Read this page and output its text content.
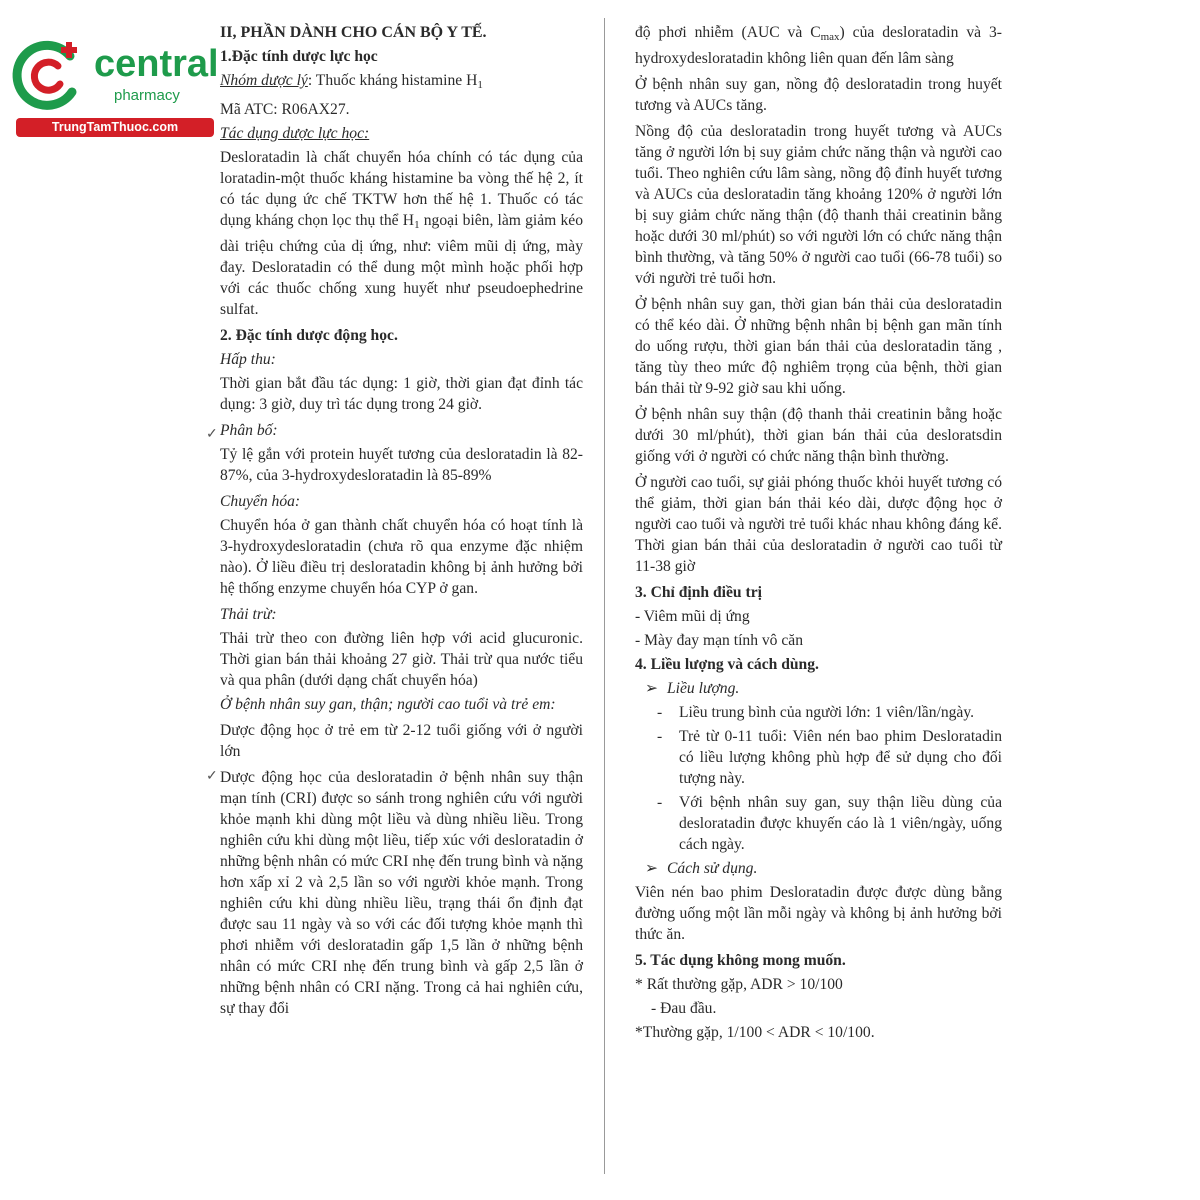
central
pharmacy
TrungTamThuoc.com

II, PHẦN DÀNH CHO CÁN BỘ Y TẾ.

1.Đặc tính dược lực học

Nhóm dược lý: Thuốc kháng histamine $H_1$

Mã ATC: R06AX27.

Tác dụng dược lực học:

Desloratadin là chất chuyển hóa chính có tác dụng của loratadin-một thuốc kháng histamine ba vòng thế hệ 2, ít có tác dụng ức chế TKTW hơn thế hệ 1. Thuốc có tác dụng kháng chọn lọc thụ thể $H_1$ ngoại biên, làm giảm kéo dài triệu chứng của dị ứng, như: viêm mũi dị ứng, mày đay. Desloratadin có thể dung một mình hoặc phối hợp với các thuốc chống xung huyết như pseudoephedrine sulfat.

2. Đặc tính dược động học.

Hấp thu:

Thời gian bắt đầu tác dụng: 1 giờ, thời gian đạt đỉnh tác dụng: 3 giờ, duy trì tác dụng trong 24 giờ.

Phân bố:

Tỷ lệ gắn với protein huyết tương của desloratadin là 82-87%, của 3-hydroxydesloratadin là 85-89%

Chuyển hóa:

Chuyển hóa ở gan thành chất chuyển hóa có hoạt tính là 3-hydroxydesloratadin (chưa rõ qua enzyme đặc nhiệm nào). Ở liều điều trị desloratadin không bị ảnh hưởng bởi hệ thống enzyme chuyển hóa CYP ở gan.

Thải trừ:

Thải trừ theo con đường liên hợp với acid glucuronic. Thời gian bán thải khoảng 27 giờ. Thải trừ qua nước tiểu và qua phân (dưới dạng chất chuyển hóa)

Ở bệnh nhân suy gan, thận; người cao tuổi và trẻ em:

Dược động học ở trẻ em từ 2-12 tuổi giống với ở người lớn

Dược động học của desloratadin ở bệnh nhân suy thận mạn tính (CRI) được so sánh trong nghiên cứu với người khỏe mạnh khi dùng một liều và dùng nhiều liều. Trong nghiên cứu khi dùng một liều, tiếp xúc với desloratadin ở những bệnh nhân có mức CRI nhẹ đến trung bình và nặng hơn xấp xỉ 2 và 2,5 lần so với người khỏe mạnh. Trong nghiên cứu khi dùng nhiều liều, trạng thái ổn định đạt được sau 11 ngày và so với các đối tượng khỏe mạnh thì phơi nhiễm với desloratadin gấp 1,5 lần ở những bệnh nhân có mức CRI nhẹ đến trung bình và gấp 2,5 lần ở những bệnh nhân có CRI nặng. Trong cả hai nghiên cứu, sự thay đổi

độ phơi nhiễm (AUC và $C_{max}$) của desloratadin và 3-hydroxydesloratadin không liên quan đến lâm sàng

Ở bệnh nhân suy gan, nồng độ desloratadin trong huyết tương và AUCs tăng.

Nồng độ của desloratadin trong huyết tương và AUCs tăng ở người lớn bị suy giảm chức năng thận và người cao tuổi. Theo nghiên cứu lâm sàng, nồng độ đỉnh huyết tương và AUCs của desloratadin tăng khoảng 120% ở người lớn bị suy giảm chức năng thận (độ thanh thải creatinin bằng hoặc dưới 30 ml/phút) so với người lớn có chức năng thận bình thường, và tăng 50% ở người cao tuổi (66-78 tuổi) so với người trẻ tuổi hơn.

Ở bệnh nhân suy gan, thời gian bán thải của desloratadin có thể kéo dài. Ở những bệnh nhân bị bệnh gan mãn tính do uống rượu, thời gian bán thải của desloratadin tăng , tăng tùy theo mức độ nghiêm trọng của bệnh, thời gian bán thải từ 9-92 giờ sau khi uống.

Ở bệnh nhân suy thận (độ thanh thải creatinin bằng hoặc dưới 30 ml/phút), thời gian bán thải của desloratsdin giống với ở người có chức năng thận bình thường.

Ở người cao tuổi, sự giải phóng thuốc khỏi huyết tương có thể giảm, thời gian bán thải kéo dài, dược động học ở người cao tuổi và người trẻ tuổi khác nhau không đáng kể. Thời gian bán thải của desloratadin ở người cao tuổi từ 11-38 giờ

3. Chỉ định điều trị

- Viêm mũi dị ứng

- Mày đay mạn tính vô căn

4. Liều lượng và cách dùng.

➢ Liều lượng.
-	Liều trung bình của người lớn: 1 viên/lần/ngày.
-	Trẻ từ 0-11 tuổi: Viên nén bao phim Desloratadin có liều lượng không phù hợp để sử dụng cho đối tượng này.
-	Với bệnh nhân suy gan, suy thận liều dùng của desloratadin được khuyến cáo là 1 viên/ngày, uống cách ngày.
➢ Cách sử dụng.

Viên nén bao phim Desloratadin được được dùng bằng đường uống một lần mỗi ngày và không bị ảnh hưởng bởi thức ăn.

5. Tác dụng không mong muốn.

* Rất thường gặp, ADR > 10/100

- Đau đầu.

*Thường gặp, 1/100 < ADR < 10/100.

✓
✓
